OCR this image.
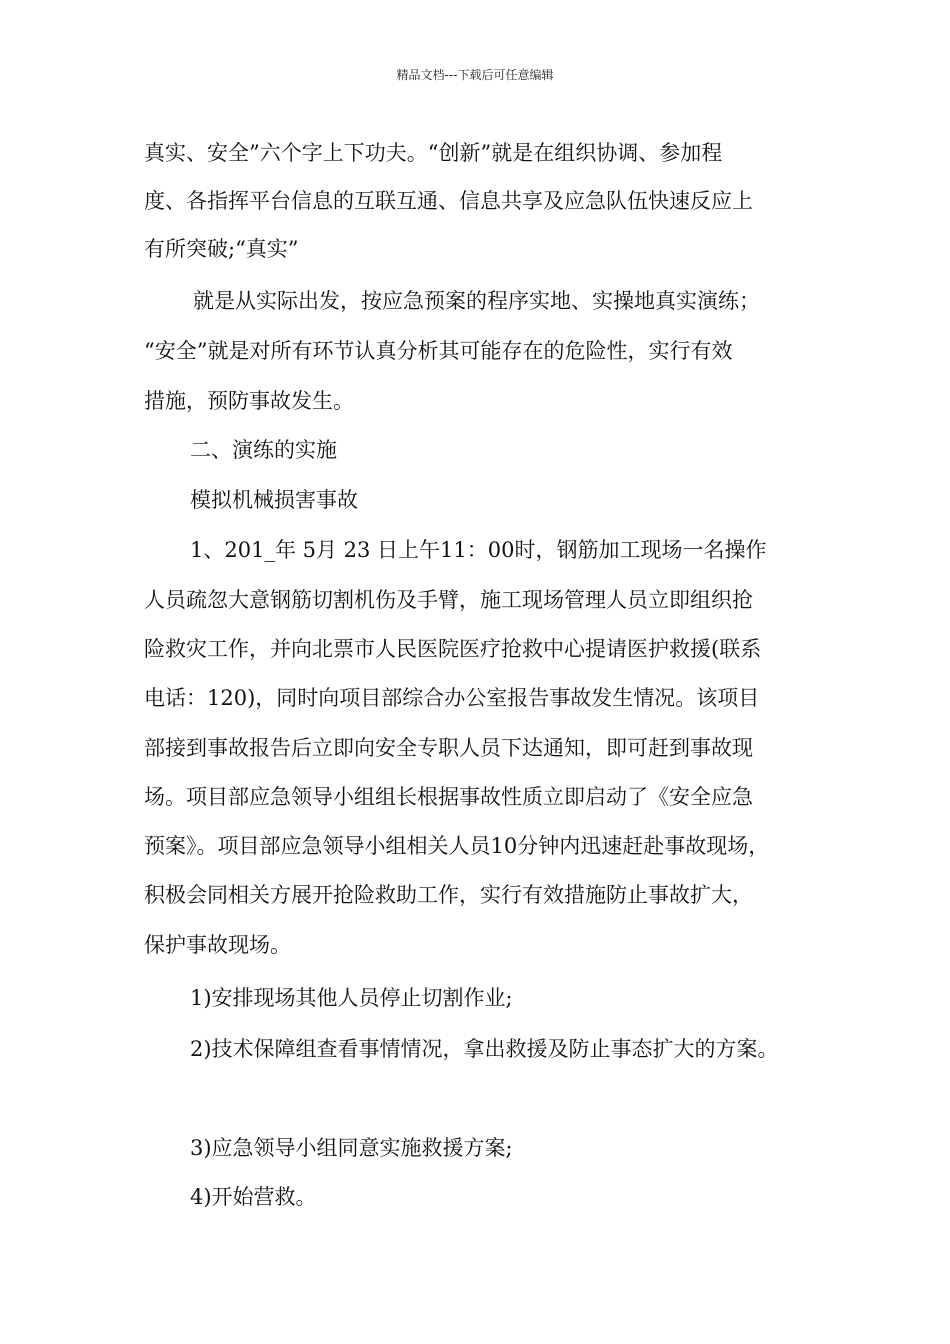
精品文档---下载后可任意编辑

真实、安全”六个字上下功夫。“创新”就是在组织协调、参加程

度、各指挥平台信息的互联互通、信息共享及应急队伍快速反应上

有所突破;“真实”

就是从实际出发，按应急预案的程序实地、实操地真实演练；

“安全”就是对所有环节认真分析其可能存在的危险性，实行有效

措施，预防事故发生。

二、演练的实施

模拟机械损害事故

1、201_年 5月 23 日上午11：00时，钢筋加工现场一名操作

人员疏忽大意钢筋切割机伤及手臂，施工现场管理人员立即组织抢

险救灾工作，并向北票市人民医院医疗抢救中心提请医护救援(联系

电话：120)，同时向项目部综合办公室报告事故发生情况。该项目

部接到事故报告后立即向安全专职人员下达通知，即可赶到事故现

场。项目部应急领导小组组长根据事故性质立即启动了《安全应急

预案》。项目部应急领导小组相关人员10分钟内迅速赶赴事故现场，

积极会同相关方展开抢险救助工作，实行有效措施防止事故扩大，

保护事故现场。

1)安排现场其他人员停止切割作业;

2)技术保障组查看事情情况，拿出救援及防止事态扩大的方案。

3)应急领导小组同意实施救援方案;

4)开始营救。
